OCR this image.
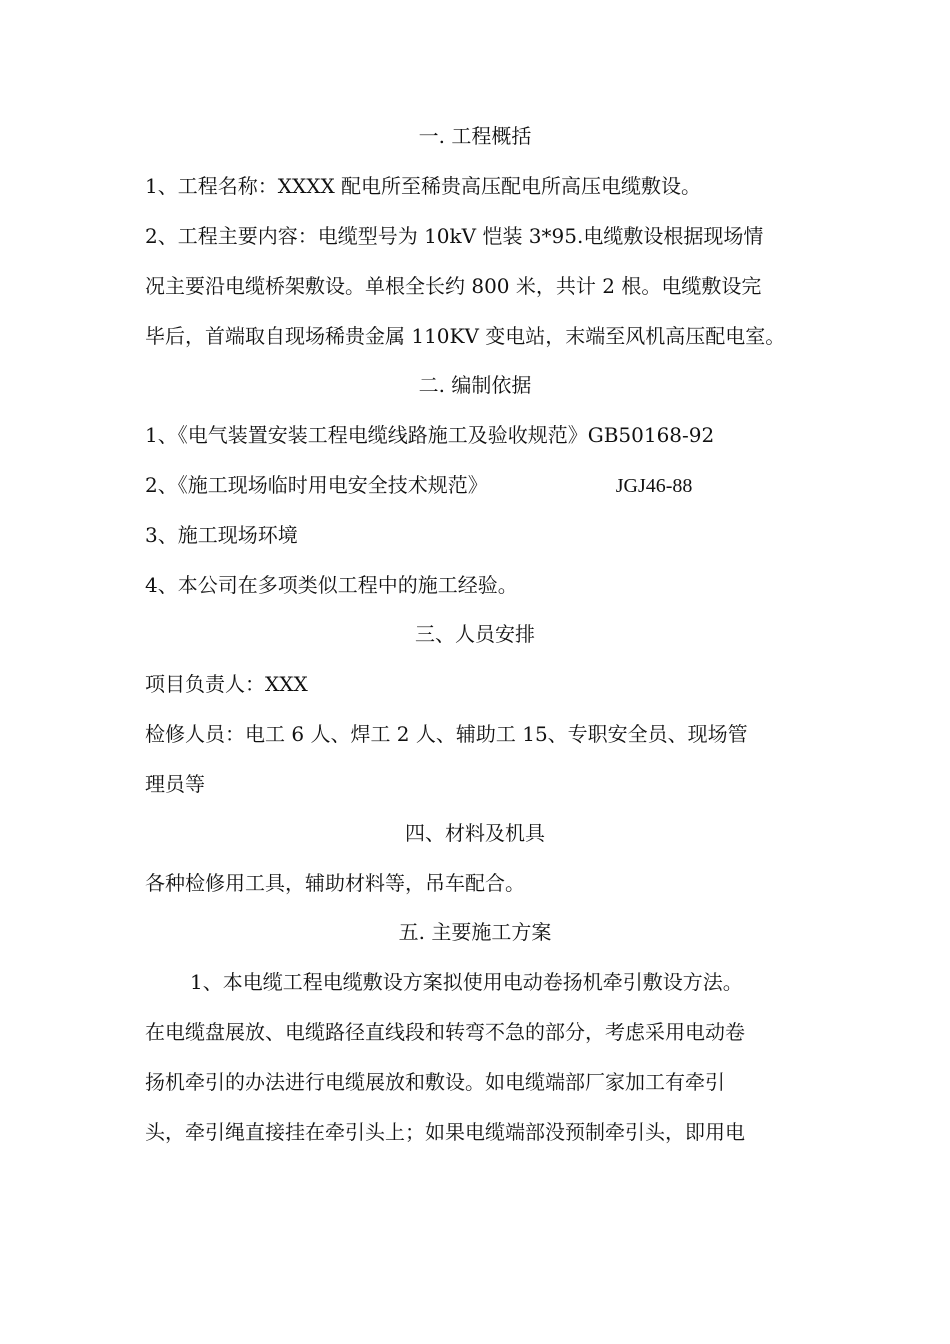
一. 工程概括
1、工程名称：XXXX 配电所至稀贵高压配电所高压电缆敷设。
2、工程主要内容：电缆型号为 10kV 恺装 3*95.电缆敷设根据现场情
况主要沿电缆桥架敷设。单根全长约 800 米，共计 2 根。电缆敷设完
毕后，首端取自现场稀贵金属 110KV 变电站，末端至风机高压配电室。
二. 编制依据
1、《电气装置安装工程电缆线路施工及验收规范》GB50168-92
2、《施工现场临时用电安全技术规范》	JGJ46-88
3、施工现场环境
4、本公司在多项类似工程中的施工经验。
三、人员安排
项目负责人：XXX
检修人员：电工 6 人、焊工 2 人、辅助工 15、专职安全员、现场管
理员等
四、材料及机具
各种检修用工具，辅助材料等，吊车配合。
五. 主要施工方案
1、本电缆工程电缆敷设方案拟使用电动卷扬机牵引敷设方法。
在电缆盘展放、电缆路径直线段和转弯不急的部分，考虑采用电动卷
扬机牵引的办法进行电缆展放和敷设。如电缆端部厂家加工有牵引
头，牵引绳直接挂在牵引头上；如果电缆端部没预制牵引头，即用电
